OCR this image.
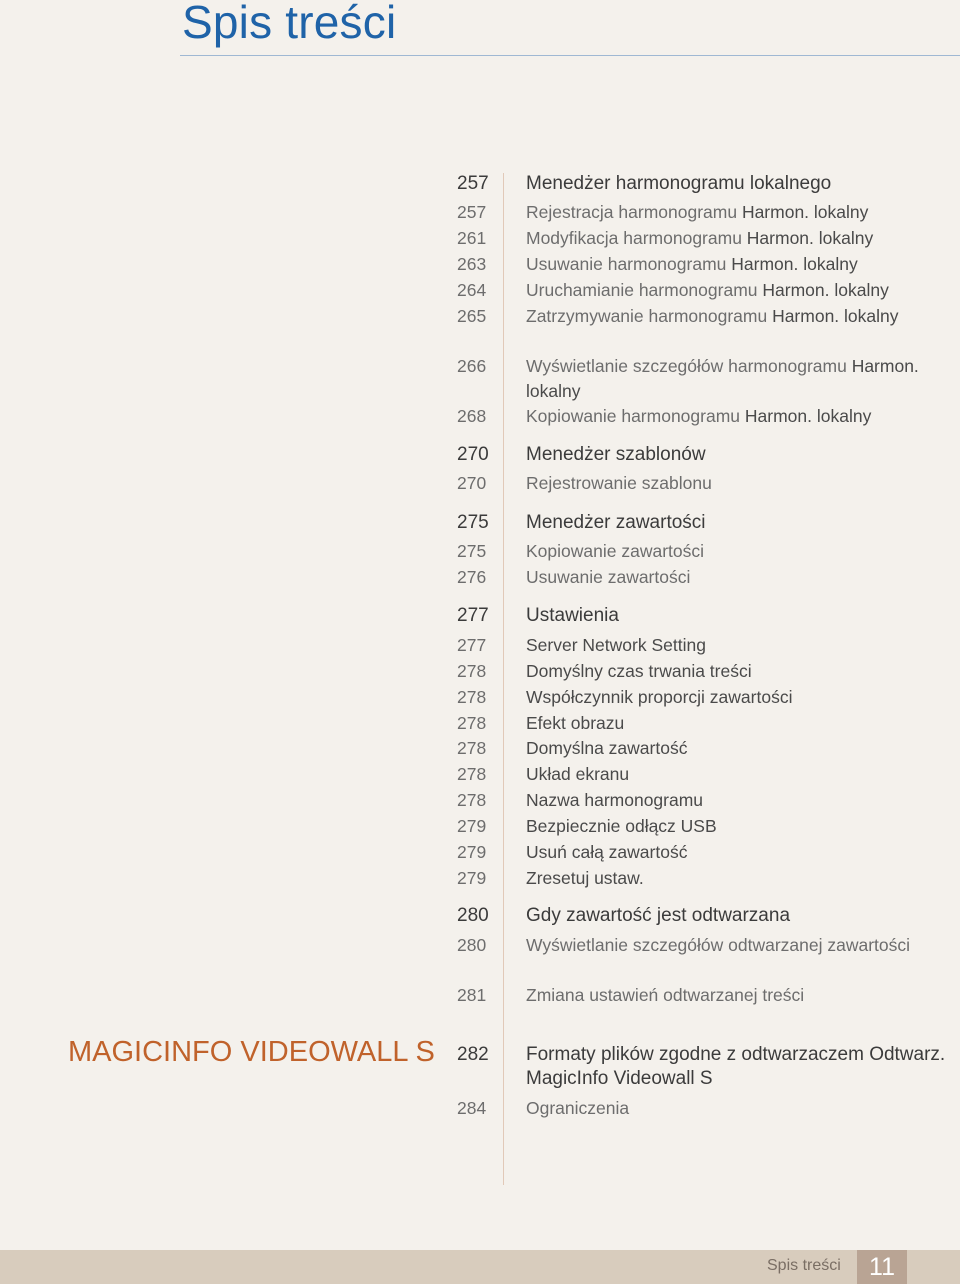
Spis treści
MAGICINFO VIDEOWALL S
257	Menedżer harmonogramu lokalnego
257	Rejestracja harmonogramu Harmon. lokalny
261	Modyfikacja harmonogramu Harmon. lokalny
263	Usuwanie harmonogramu Harmon. lokalny
264	Uruchamianie harmonogramu Harmon. lokalny
265	Zatrzymywanie harmonogramu Harmon. lokalny
266	Wyświetlanie szczegółów harmonogramu Harmon. lokalny
268	Kopiowanie harmonogramu Harmon. lokalny
270	Menedżer szablonów
270	Rejestrowanie szablonu
275	Menedżer zawartości
275	Kopiowanie zawartości
276	Usuwanie zawartości
277	Ustawienia
277	Server Network Setting
278	Domyślny czas trwania treści
278	Współczynnik proporcji zawartości
278	Efekt obrazu
278	Domyślna zawartość
278	Układ ekranu
278	Nazwa harmonogramu
279	Bezpiecznie odłącz USB
279	Usuń całą zawartość
279	Zresetuj ustaw.
280	Gdy zawartość jest odtwarzana
280	Wyświetlanie szczegółów odtwarzanej zawartości
281	Zmiana ustawień odtwarzanej treści
282	Formaty plików zgodne z odtwarzaczem Odtwarz. MagicInfo Videowall S
284	Ograniczenia
Spis treści	11
